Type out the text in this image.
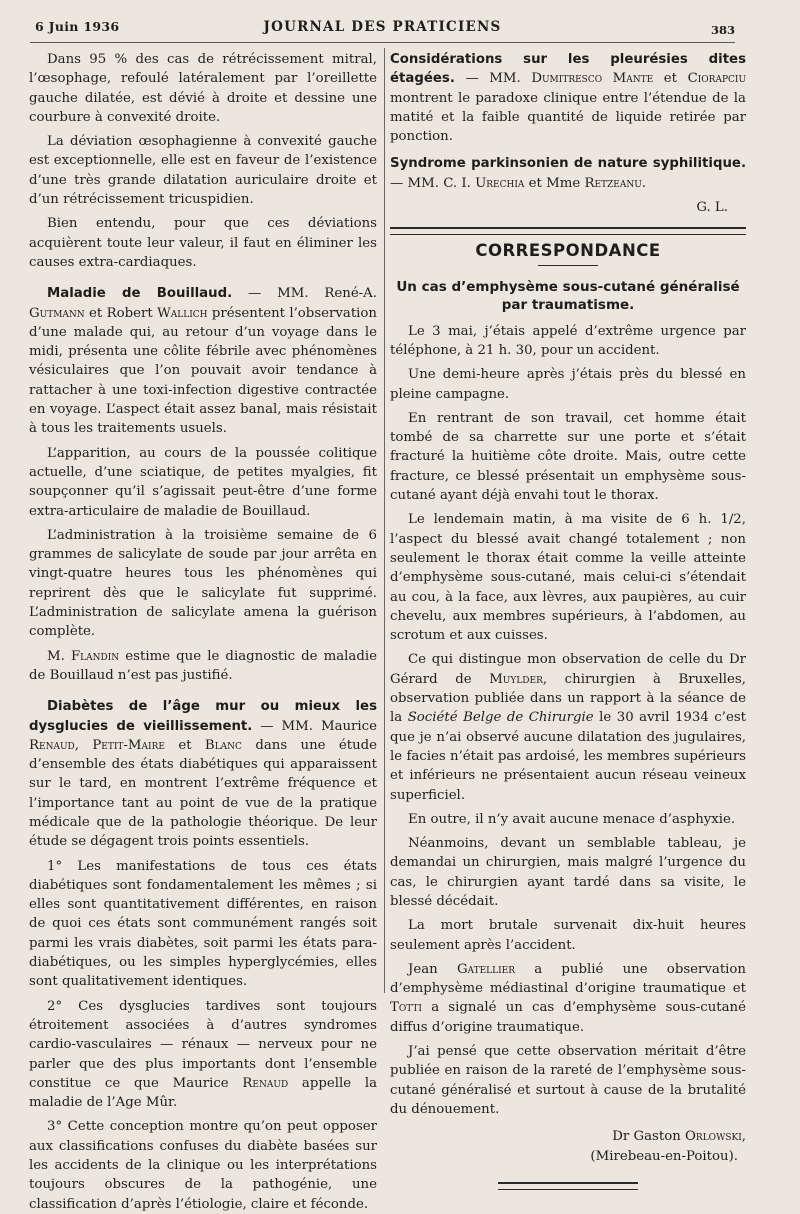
6 Juin 1936	JOURNAL DES PRATICIENS	383

Dans 95 % des cas de rétrécissement mitral, l’œsophage, refoulé latéralement par l’oreillette gauche dilatée, est dévié à droite et dessine une courbure à convexité droite.

La déviation œsophagienne à convexité gauche est exceptionnelle, elle est en faveur de l’existence d’une très grande dilatation auriculaire droite et d’un rétrécissement tricuspidien.

Bien entendu, pour que ces déviations acquièrent toute leur valeur, il faut en éliminer les causes extra-cardiaques.

Maladie de Bouillaud. — MM. René-A. Gutmann et Robert Wallich présentent l’observation d’une malade qui, au retour d’un voyage dans le midi, présenta une côlite fébrile avec phénomènes vésiculaires que l’on pouvait avoir tendance à rattacher à une toxi-infection digestive contractée en voyage. L’aspect était assez banal, mais résistait à tous les traitements usuels.

L’apparition, au cours de la poussée colitique actuelle, d’une sciatique, de petites myalgies, fit soupçonner qu’il s’agissait peut-être d’une forme extra-articulaire de maladie de Bouillaud.

L’administration à la troisième semaine de 6 grammes de salicylate de soude par jour arrêta en vingt-quatre heures tous les phénomènes qui reprirent dès que le salicylate fut supprimé. L’administration de salicylate amena la guérison complète.

M. Flandin estime que le diagnostic de maladie de Bouillaud n’est pas justifié.

Diabètes de l’âge mur ou mieux les dysglucies de vieillissement. — MM. Maurice Renaud, Petit-Maire et Blanc dans une étude d’ensemble des états diabétiques qui apparaissent sur le tard, en montrent l’extrême fréquence et l’importance tant au point de vue de la pratique médicale que de la pathologie théorique. De leur étude se dégagent trois points essentiels.

1° Les manifestations de tous ces états diabétiques sont fondamentalement les mêmes ; si elles sont quantitativement différentes, en raison de quoi ces états sont communément rangés soit parmi les vrais diabètes, soit parmi les états para-diabétiques, ou les simples hyperglycémies, elles sont qualitativement identiques.

2° Ces dysglucies tardives sont toujours étroitement associées à d’autres syndromes cardio-vasculaires — rénaux — nerveux pour ne parler que des plus importants dont l’ensemble constitue ce que Maurice Renaud appelle la maladie de l’Age Mûr.

3° Cette conception montre qu’on peut opposer aux classifications confuses du diabète basées sur les accidents de la clinique ou les interprétations toujours obscures de la pathogénie, une classification d’après l’étiologie, claire et féconde.

Considérations sur les pleurésies dites étagées. — MM. Dumitresco Mante et Ciorapciu montrent le paradoxe clinique entre l’étendue de la matité et la faible quantité de liquide retirée par ponction.

Syndrome parkinsonien de nature syphilitique. — MM. C. I. Urechia et Mme Retzeanu.

G. L.
CORRESPONDANCE
Un cas d’emphysème sous-cutané généralisé par traumatisme.

Le 3 mai, j’étais appelé d’extrême urgence par téléphone, à 21 h. 30, pour un accident.

Une demi-heure après j’étais près du blessé en pleine campagne.

En rentrant de son travail, cet homme était tombé de sa charrette sur une porte et s’était fracturé la huitième côte droite. Mais, outre cette fracture, ce blessé présentait un emphysème sous-cutané ayant déjà envahi tout le thorax.

Le lendemain matin, à ma visite de 6 h. 1/2, l’aspect du blessé avait changé totalement ; non seulement le thorax était comme la veille atteinte d’emphysème sous-cutané, mais celui-ci s’étendait au cou, à la face, aux lèvres, aux paupières, au cuir chevelu, aux membres supérieurs, à l’abdomen, au scrotum et aux cuisses.

Ce qui distingue mon observation de celle du Dr Gérard de Muylder, chirurgien à Bruxelles, observation publiée dans un rapport à la séance de la Société Belge de Chirurgie le 30 avril 1934 c’est que je n’ai observé aucune dilatation des jugulaires, le facies n’était pas ardoisé, les membres supérieurs et inférieurs ne présentaient aucun réseau veineux superficiel.

En outre, il n’y avait aucune menace d’asphyxie.

Néanmoins, devant un semblable tableau, je demandai un chirurgien, mais malgré l’urgence du cas, le chirurgien ayant tardé dans sa visite, le blessé décédait.

La mort brutale survenait dix-huit heures seulement après l’accident.

Jean Gatellier a publié une observation d’emphysème médiastinal d’origine traumatique et Totti a signalé un cas d’emphysème sous-cutané diffus d’origine traumatique.

J’ai pensé que cette observation méritait d’être publiée en raison de la rareté de l’emphysème sous-cutané généralisé et surtout à cause de la brutalité du dénouement.

Dr Gaston Orlowski,
(Mirebeau-en-Poitou).
